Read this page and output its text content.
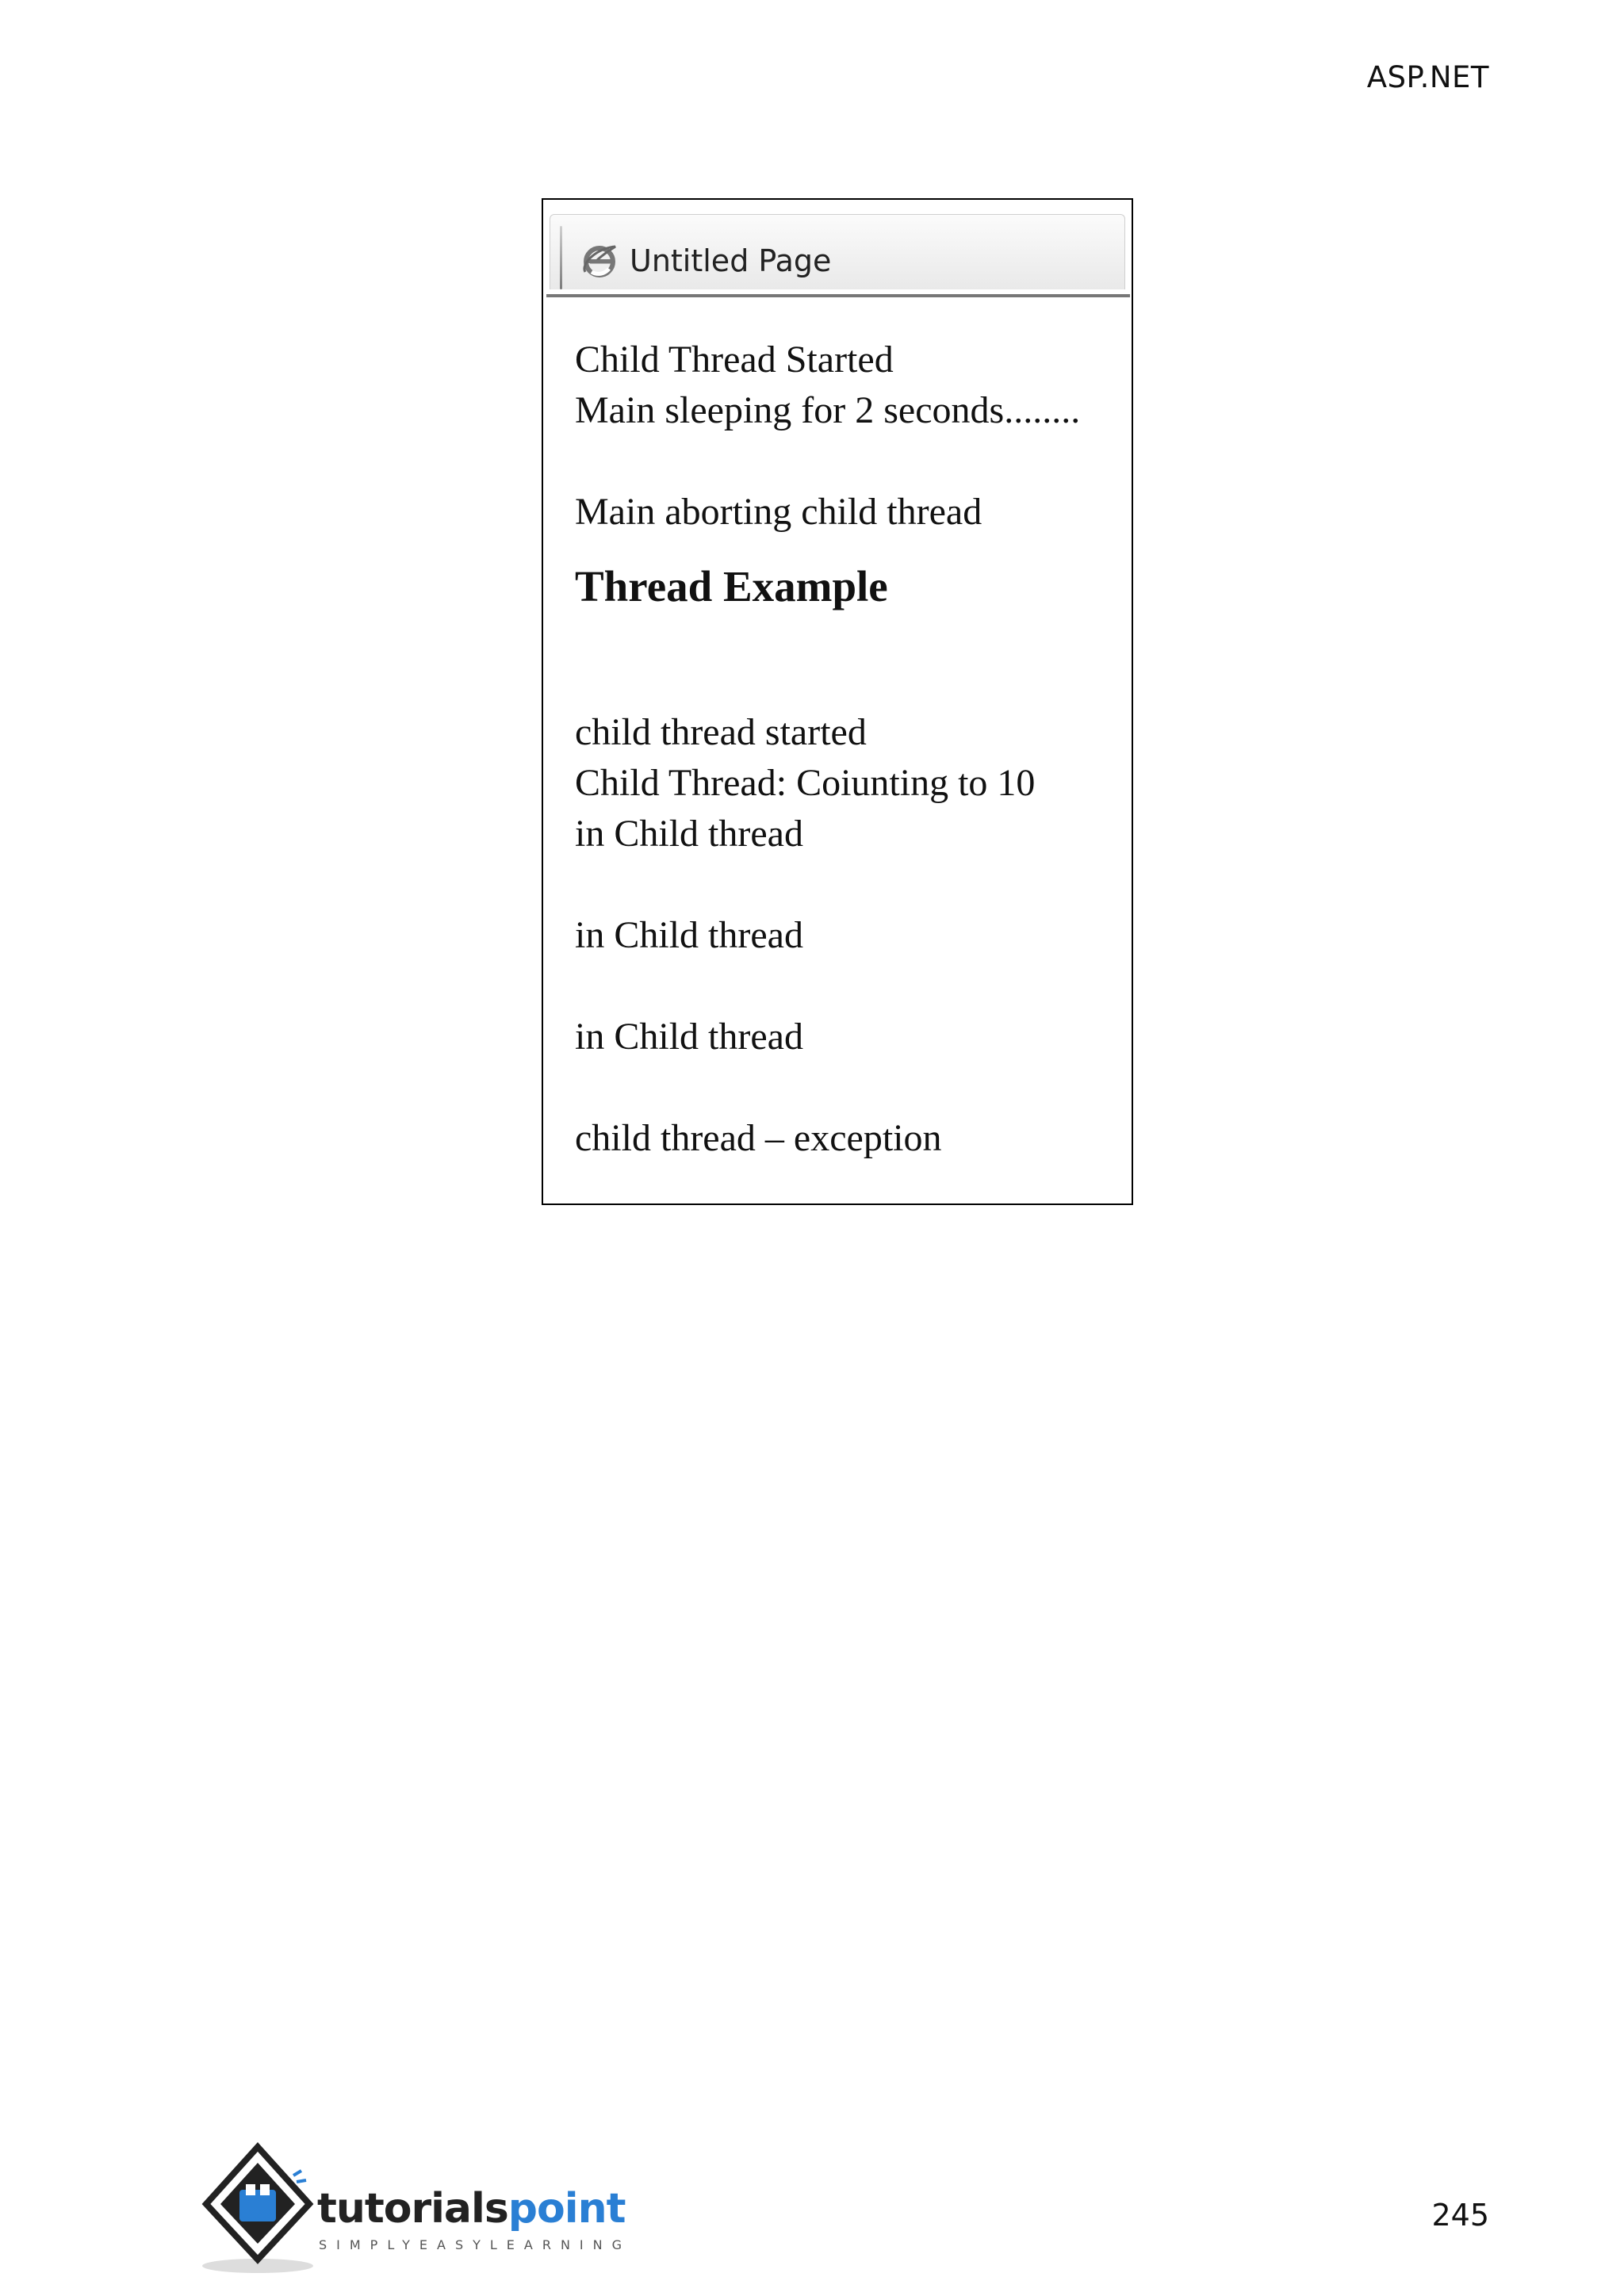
ASP.NET
Untitled Page
Child Thread Started
Main sleeping for 2 seconds........
Main aborting child thread
Thread Example
child thread started
Child Thread: Coiunting to 10
in Child thread
in Child thread
in Child thread
child thread – exception
tutorialspoint
SIMPLYEASYLEARNING
245
